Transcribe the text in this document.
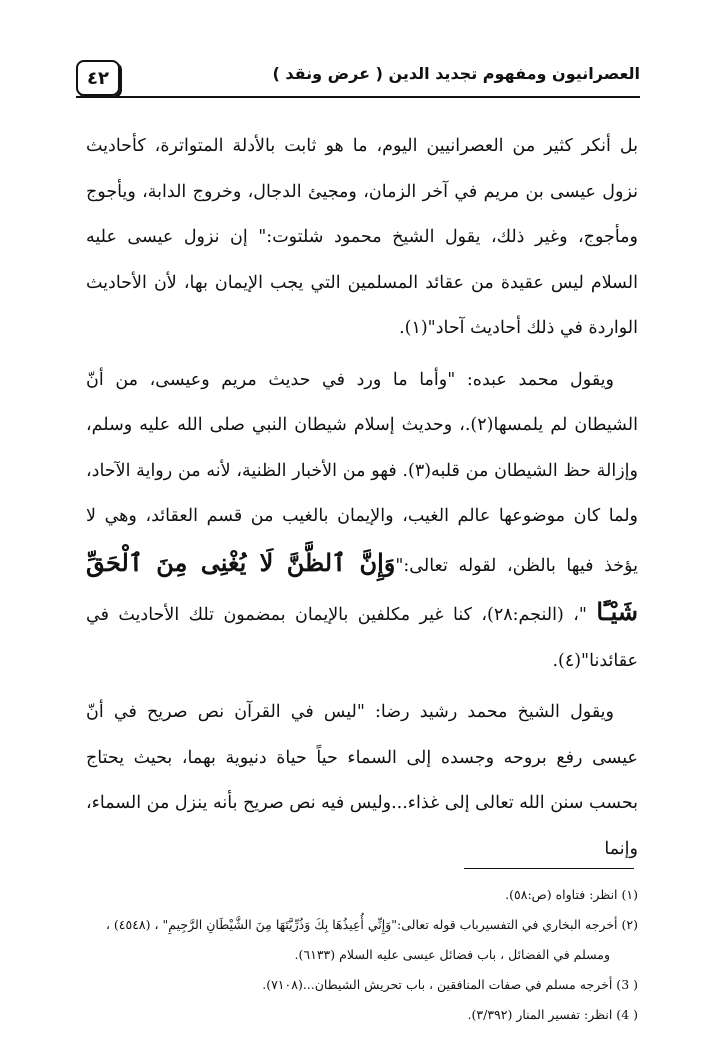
٤٢	العصرانيون ومفهوم تجديد الدين ( عرض ونقد )

بل أنكر كثير من العصرانيين اليوم، ما هو ثابت بالأدلة المتواترة، كأحاديث نزول عيسى بن مريم في آخر الزمان، ومجيئ الدجال، وخروج الدابة، ويأجوج ومأجوج، وغير ذلك، يقول الشيخ محمود شلتوت:" إن نزول عيسى عليه السلام ليس عقيدة من عقائد المسلمين التي يجب الإيمان بها، لأن الأحاديث الواردة في ذلك أحاديث آحاد"(١).

ويقول محمد عبده: "وأما ما ورد في حديث مريم وعيسى، من أنّ الشيطان لم يلمسها(٢).، وحديث إسلام شيطان النبي صلى الله عليه وسلم، وإزالة حظ الشيطان من قلبه(٣). فهو من الأخبار الظنية، لأنه من رواية الآحاد، ولما كان موضوعها عالم الغيب، والإيمان بالغيب من قسم العقائد، وهي لا يؤخذ فيها بالظن، لقوله تعالى:"وَإِنَّ ٱلظَّنَّ لَا يُغْنِى مِنَ ٱلْحَقِّ شَيْـًٔا "، (النجم:٢٨)، كنا غير مكلفين بالإيمان بمضمون تلك الأحاديث في عقائدنا"(٤).

ويقول الشيخ محمد رشيد رضا: "ليس في القرآن نص صريح في أنّ عيسى رفع بروحه وجسده إلى السماء حياً حياة دنيوية بهما، بحيث يحتاج بحسب سنن الله تعالى إلى غذاء...وليس فيه نص صريح بأنه ينزل من السماء، وإنما

(١) انظر: فتاواه (ص:٥٨).

(٢) أخرجه البخاري في التفسيرباب قوله تعالى:"وَإِنِّي أُعِيذُهَا بِكَ وَذُرِّيَّتَهَا مِنَ الشَّيْطَانِ الرَّجِيمِ" ، (٤٥٤٨) ،

ومسلم في الفضائل ، باب فضائل عيسى عليه السلام (٦١٣٣).

( 3) أخرجه مسلم في صفات المنافقين ، باب تحريش الشيطان...(٧١٠٨).

( 4) انظر: تفسير المنار (٣/٣٩٢).
